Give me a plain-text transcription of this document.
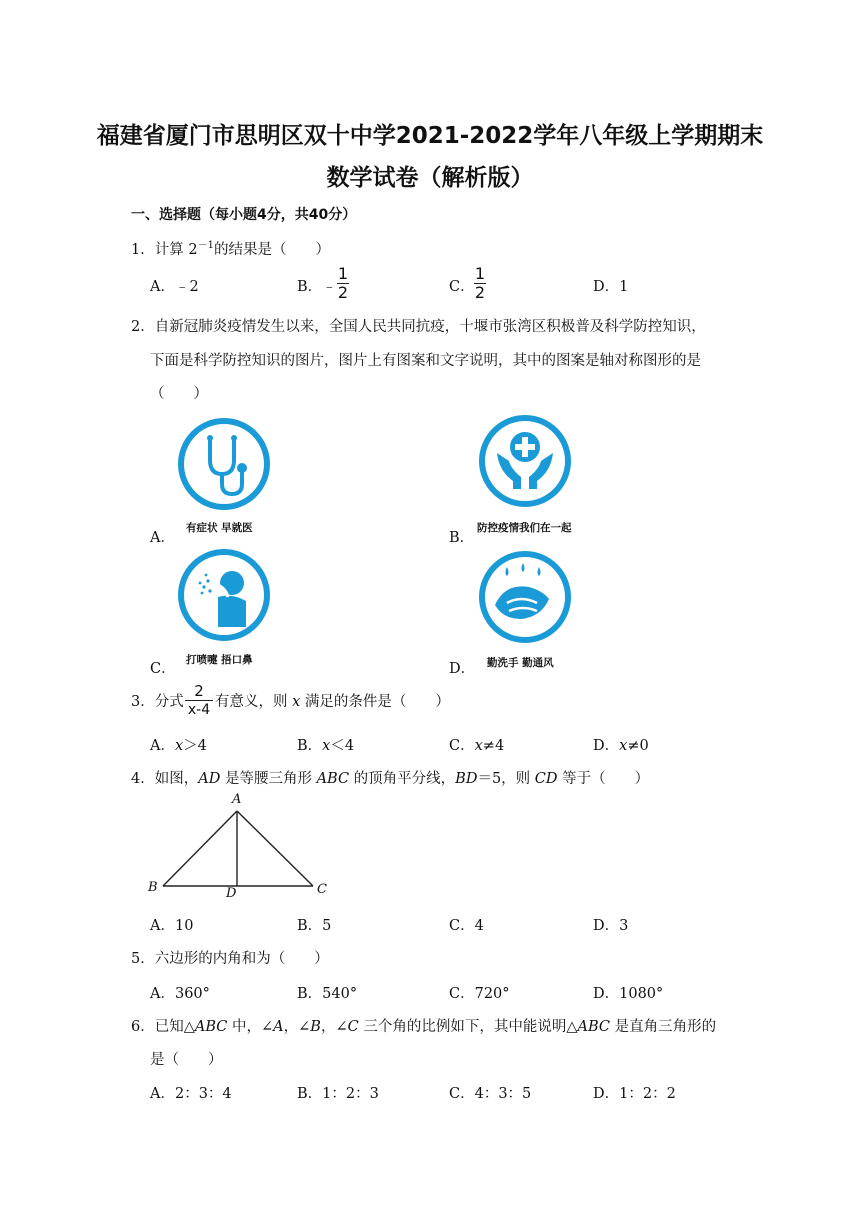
福建省厦门市思明区双十中学2021-2022学年八年级上学期期末
数学试卷（解析版）
一、选择题（每小题4分，共40分）
1．计算 $2^{-1}$的结果是（　　）
A．﹣2	B．﹣
1
2	C．
1
2	D．1
2．自新冠肺炎疫情发生以来，全国人民共同抗疫，十堰市张湾区积极普及科学防控知识，
下面是科学防控知识的图片，图片上有图案和文字说明，其中的图案是轴对称图形的是
（　　）
A．	B．
C．	D．
有症状 早就医	防控疫情我们在一起
打喷嚏 捂口鼻	勤洗手 勤通风
3．分式
2
x-4 有意义，则 x 满足的条件是（　　）
A．x＞4	B．x＜4	C．x≠4	D．x≠0
4．如图，AD 是等腰三角形 ABC 的顶角平分线，BD＝5，则 CD 等于（　　）
A
B	C
D
A．10	B．5	C．4	D．3
5．六边形的内角和为（　　）
A．360°	B．540°	C．720°	D．1080°
6．已知△ABC 中，∠A，∠B，∠C 三个角的比例如下，其中能说明△ABC 是直角三角形的
是（　　）
A．2：3：4	B．1：2：3	C．4：3：5	D．1：2：2
